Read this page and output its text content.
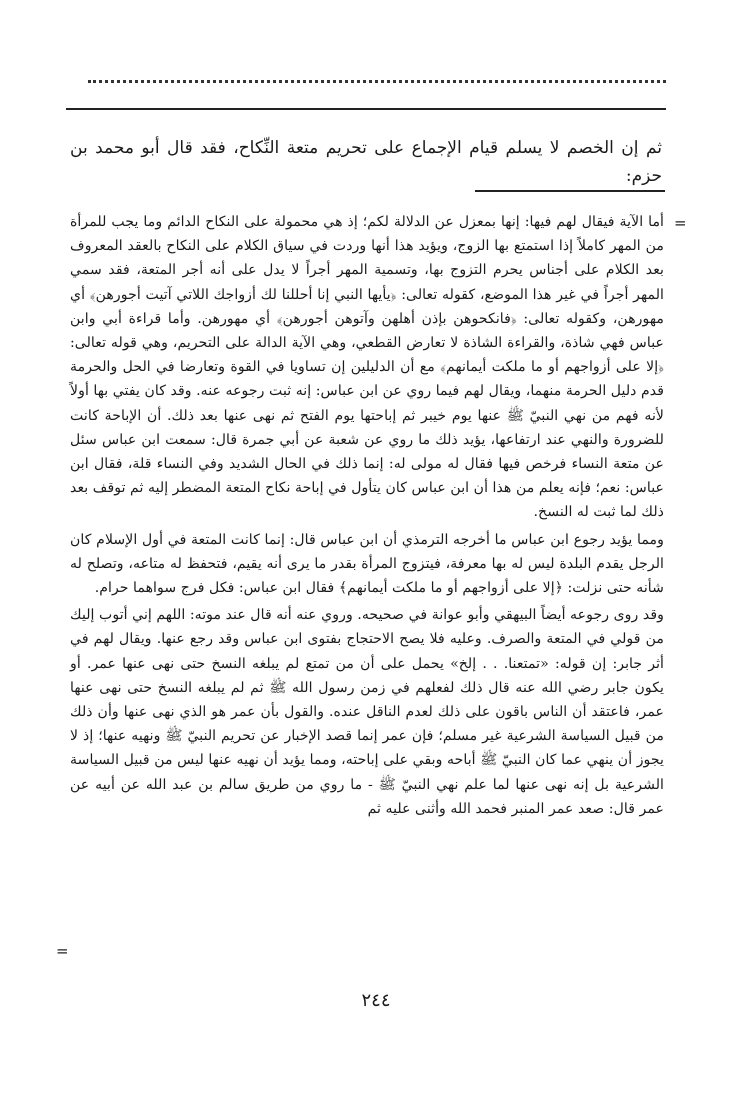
ثم إن الخصم لا يسلم قيام الإجماع على تحريم متعة النِّكاح، فقد قال أبو محمد بن حزم:
=

أما الآية فيقال لهم فيها: إنها بمعزل عن الدلالة لكم؛ إذ هي محمولة على النكاح الدائم وما يجب للمرأة من المهر كاملاً إذا استمتع بها الزوج، ويؤيد هذا أنها وردت في سياق الكلام على النكاح بالعقد المعروف بعد الكلام على أجناس يحرم التزوج بها، وتسمية المهر أجراً لا يدل على أنه أجر المتعة، فقد سمي المهر أجراً في غير هذا الموضع، كقوله تعالى: ﴿يأيها النبي إنا أحللنا لك أزواجك اللاتي آتيت أجورهن﴾ أي مهورهن، وكقوله تعالى: ﴿فانكحوهن بإذن أهلهن وآتوهن أجورهن﴾ أي مهورهن. وأما قراءة أبي وابن عباس فهي شاذة، والقراءة الشاذة لا تعارض القطعي، وهي الآية الدالة على التحريم، وهي قوله تعالى: ﴿إلا على أزواجهم أو ما ملكت أيمانهم﴾ مع أن الدليلين إن تساويا في القوة وتعارضا في الحل والحرمة قدم دليل الحرمة منهما، ويقال لهم فيما روي عن ابن عباس: إنه ثبت رجوعه عنه. وقد كان يفتي بها أولاً لأنه فهم من نهي النبيّ ﷺ عنها يوم خيبر ثم إباحتها يوم الفتح ثم نهى عنها بعد ذلك. أن الإباحة كانت للضرورة والنهي عند ارتفاعها، يؤيد ذلك ما روي عن شعبة عن أبي جمرة قال: سمعت ابن عباس سئل عن متعة النساء فرخص فيها فقال له مولى له: إنما ذلك في الحال الشديد وفي النساء قلة، فقال ابن عباس: نعم؛ فإنه يعلم من هذا أن ابن عباس كان يتأول في إباحة نكاح المتعة المضطر إليه ثم توقف بعد ذلك لما ثبت له النسخ.

ومما يؤيد رجوع ابن عباس ما أخرجه الترمذي أن ابن عباس قال: إنما كانت المتعة في أول الإسلام كان الرجل يقدم البلدة ليس له بها معرفة، فيتزوج المرأة بقدر ما يرى أنه يقيم، فتحفظ له متاعه، وتصلح له شأنه حتى نزلت: ﴿إلا على أزواجهم أو ما ملكت أيمانهم﴾ فقال ابن عباس: فكل فرج سواهما حرام.

وقد روى رجوعه أيضاً البيهقي وأبو عوانة في صحيحه. وروي عنه أنه قال عند موته: اللهم إني أتوب إليك من قولي في المتعة والصرف. وعليه فلا يصح الاحتجاج بفتوى ابن عباس وقد رجع عنها. ويقال لهم في أثر جابر: إن قوله: «تمتعنا. . . إلخ» يحمل على أن من تمتع لم يبلغه النسخ حتى نهى عنها عمر. أو يكون جابر رضي الله عنه قال ذلك لفعلهم في زمن رسول الله ﷺ ثم لم يبلغه النسخ حتى نهى عنها عمر، فاعتقد أن الناس باقون على ذلك لعدم الناقل عنده. والقول بأن عمر هو الذي نهى عنها وأن ذلك من قبيل السياسة الشرعية غير مسلم؛ فإن عمر إنما قصد الإخبار عن تحريم النبيّ ﷺ ونهيه عنها؛ إذ لا يجوز أن ينهي عما كان النبيّ ﷺ أباحه وبقي على إباحته، ومما يؤيد أن نهيه عنها ليس من قبيل السياسة الشرعية بل إنه نهى عنها لما علم نهي النبيّ ﷺ - ما روي من طريق سالم بن عبد الله عن أبيه عن عمر قال: صعد عمر المنبر فحمد الله وأثنى عليه ثم

=
٢٤٤
